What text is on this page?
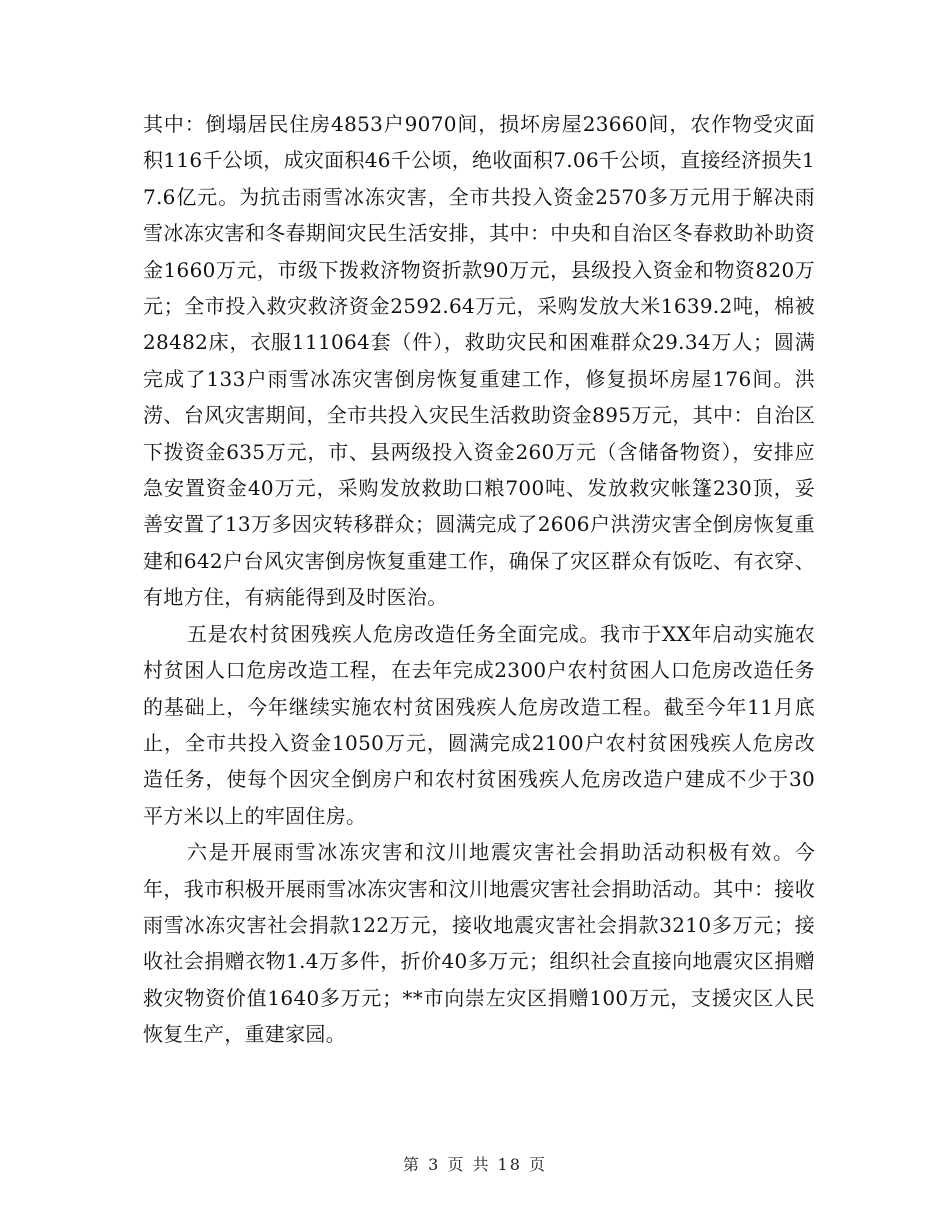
其中：倒塌居民住房4853户9070间，损坏房屋23660间，农作物受灾面积116千公顷，成灾面积46千公顷，绝收面积7.06千公顷，直接经济损失17.6亿元。为抗击雨雪冰冻灾害，全市共投入资金2570多万元用于解决雨雪冰冻灾害和冬春期间灾民生活安排，其中：中央和自治区冬春救助补助资金1660万元，市级下拨救济物资折款90万元，县级投入资金和物资820万元；全市投入救灾救济资金2592.64万元，采购发放大米1639.2吨，棉被28482床，衣服111064套（件），救助灾民和困难群众29.34万人；圆满完成了133户雨雪冰冻灾害倒房恢复重建工作，修复损坏房屋176间。洪涝、台风灾害期间，全市共投入灾民生活救助资金895万元，其中：自治区下拨资金635万元，市、县两级投入资金260万元（含储备物资），安排应急安置资金40万元，采购发放救助口粮700吨、发放救灾帐篷230顶，妥善安置了13万多因灾转移群众；圆满完成了2606户洪涝灾害全倒房恢复重建和642户台风灾害倒房恢复重建工作，确保了灾区群众有饭吃、有衣穿、有地方住，有病能得到及时医治。

五是农村贫困残疾人危房改造任务全面完成。我市于XX年启动实施农村贫困人口危房改造工程，在去年完成2300户农村贫困人口危房改造任务的基础上，今年继续实施农村贫困残疾人危房改造工程。截至今年11月底止，全市共投入资金1050万元，圆满完成2100户农村贫困残疾人危房改造任务，使每个因灾全倒房户和农村贫困残疾人危房改造户建成不少于30平方米以上的牢固住房。

六是开展雨雪冰冻灾害和汶川地震灾害社会捐助活动积极有效。今年，我市积极开展雨雪冰冻灾害和汶川地震灾害社会捐助活动。其中：接收雨雪冰冻灾害社会捐款122万元，接收地震灾害社会捐款3210多万元；接收社会捐赠衣物1.4万多件，折价40多万元；组织社会直接向地震灾区捐赠救灾物资价值1640多万元；**市向崇左灾区捐赠100万元，支援灾区人民恢复生产，重建家园。

第 3 页 共 18 页
